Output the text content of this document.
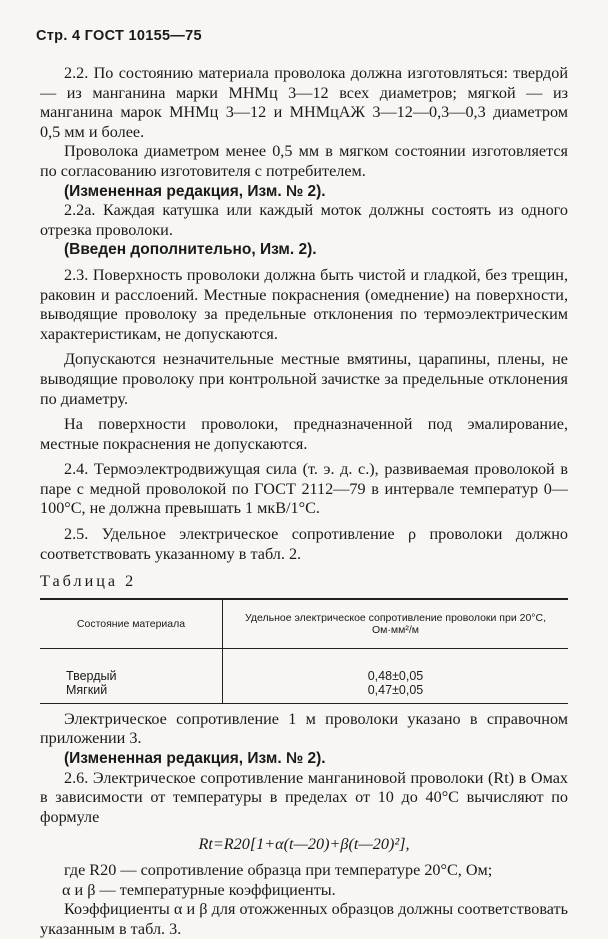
Стр. 4 ГОСТ 10155—75

2.2. По состоянию материала проволока должна изготовляться: твердой — из манганина марки МНМц 3—12 всех диаметров; мягкой — из манганина марок МНМц 3—12 и МНМцАЖ 3—12—0,3—0,3 диаметром 0,5 мм и более.

Проволока диаметром менее 0,5 мм в мягком состоянии изготовляется по согласованию изготовителя с потребителем.

(Измененная редакция, Изм. № 2).

2.2а. Каждая катушка или каждый моток должны состоять из одного отрезка проволоки.

(Введен дополнительно, Изм. 2).

2.3. Поверхность проволоки должна быть чистой и гладкой, без трещин, раковин и расслоений. Местные покраснения (омеднение) на поверхности, выводящие проволоку за предельные отклонения по термоэлектрическим характеристикам, не допускаются.

Допускаются незначительные местные вмятины, царапины, плены, не выводящие проволоку при контрольной зачистке за предельные отклонения по диаметру.

На поверхности проволоки, предназначенной под эмалирование, местные покраснения не допускаются.

2.4. Термоэлектродвижущая сила (т. э. д. с.), развиваемая проволокой в паре с медной проволокой по ГОСТ 2112—79 в интервале температур 0—100°С, не должна превышать 1 мкВ/1°С.

2.5. Удельное электрическое сопротивление ρ проволоки должно соответствовать указанному в табл. 2.

Таблица 2

Состояние материала	Удельное электрическое сопротивление проволоки при 20°С, Ом·мм²/м
Твердый	0,48±0,05
Мягкий	0,47±0,05

Электрическое сопротивление 1 м проволоки указано в справочном приложении 3.

(Измененная редакция, Изм. № 2).

2.6. Электрическое сопротивление манганиновой проволоки (Rt) в Омах в зависимости от температуры в пределах от 10 до 40°С вычисляют по формуле

Rt=R20[1+α(t—20)+β(t—20)²],

где R20 — сопротивление образца при температуре 20°С, Ом;

α и β — температурные коэффициенты.

Коэффициенты α и β для отожженных образцов должны соответствовать указанным в табл. 3.
